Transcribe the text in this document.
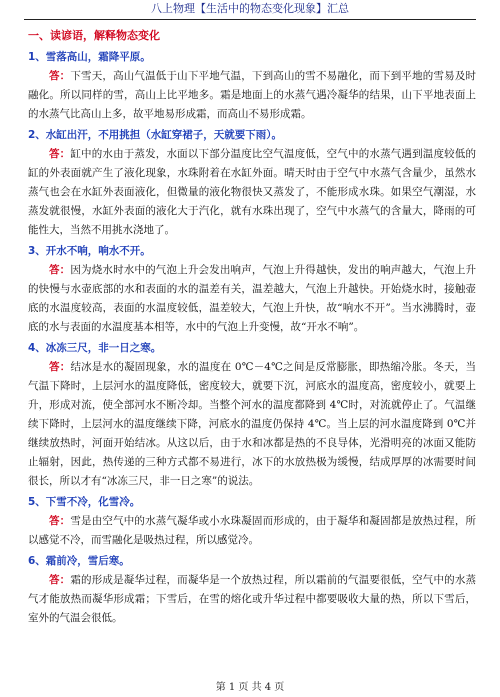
八上物理【生活中的物态变化现象】汇总
一、读谚语，解释物态变化
1、雪落高山，霜降平原。
答：下雪天，高山气温低于山下平地气温，下到高山的雪不易融化，而下到平地的雪易及时融化。所以同样的雪，高山上比平地多。霜是地面上的水蒸气遇冷凝华的结果，山下平地表面上的水蒸气比高山上多，故平地易形成霜，而高山不易形成霜。
2、水缸出汗，不用挑担（水缸穿裙子，天就要下雨）。
答：缸中的水由于蒸发，水面以下部分温度比空气温度低，空气中的水蒸气遇到温度较低的缸的外表面就产生了液化现象，水珠附着在水缸外面。晴天时由于空气中水蒸气含量少，虽然水蒸气也会在水缸外表面液化，但微量的液化物很快又蒸发了，不能形成水珠。如果空气潮湿，水蒸发就很慢，水缸外表面的液化大于汽化，就有水珠出现了，空气中水蒸气的含量大，降雨的可能性大，当然不用挑水浇地了。
3、开水不响，响水不开。
答：因为烧水时水中的气泡上升会发出响声，气泡上升得越快，发出的响声越大，气泡上升的快慢与水壶底部的水和表面的水的温差有关，温差越大，气泡上升越快。开始烧水时，接触壶底的水温度较高，表面的水温度较低，温差较大，气泡上升快，故“响水不开”。当水沸腾时，壶底的水与表面的水温度基本相等，水中的气泡上升变慢，故“开水不响”。
4、冰冻三尺，非一日之寒。
答：结冰是水的凝固现象，水的温度在 0℃－4℃之间是反常膨胀，即热缩冷胀。冬天，当气温下降时，上层河水的温度降低，密度较大，就要下沉，河底水的温度高，密度较小，就要上升，形成对流，使全部河水不断冷却。当整个河水的温度都降到 4℃时，对流就停止了。气温继续下降时，上层河水的温度继续下降，河底水的温度仍保持 4℃。当上层的河水温度降到 0℃并继续放热时，河面开始结冰。从这以后，由于水和冰都是热的不良导体，光滑明亮的冰面又能防止辐射，因此，热传递的三种方式都不易进行，冰下的水放热极为缓慢，结成厚厚的冰需要时间很长，所以才有“冰冻三尺，非一日之寒”的说法。
5、下雪不冷，化雪冷。
答：雪是由空气中的水蒸气凝华或小水珠凝固而形成的，由于凝华和凝固都是放热过程，所以感觉不冷，而雪融化是吸热过程，所以感觉冷。
6、霜前冷，雪后寒。
答：霜的形成是凝华过程，而凝华是一个放热过程，所以霜前的气温要很低，空气中的水蒸气才能放热而凝华形成霜；下雪后，在雪的熔化或升华过程中都要吸收大量的热，所以下雪后，室外的气温会很低。
第 1 页 共 4 页
